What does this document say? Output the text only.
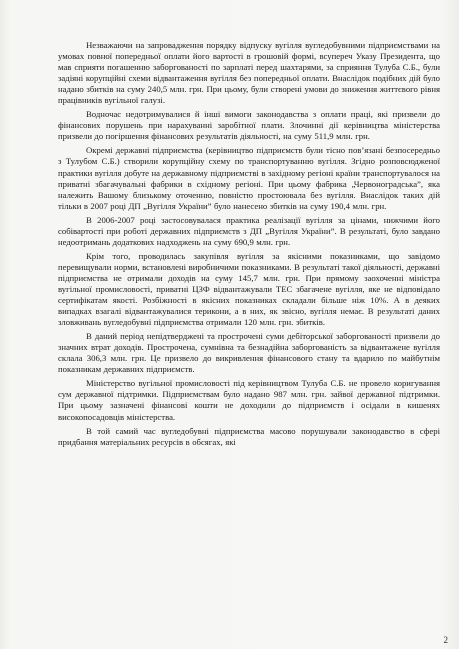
Незважаючи на запровадження порядку відпуску вугілля вугледобувними підприємствами на умовах повної попередньої оплати його вартості в грошовій формі, всупереч Указу Президента, що мав сприяти погашенню заборгованості по зарплаті перед шахтарями, за сприяння Тулуба С.Б., були задіяні корупційні схеми відвантаження вугілля без попередньої оплати. Внаслідок подібних дій було надано збитків на суму 240,5 млн. грн. При цьому, були створені умови до зниження життєвого рівня працівників вугільної галузі.

Водночас недотримувалися й інші вимоги законодавства з оплати праці, які призвели до фінансових порушень при нарахуванні заробітної плати. Злочинні дії керівництва міністерства призвели до погіршення фінансових результатів діяльності, на суму 511,9 млн. грн.

Окремі державні підприємства (керівництво підприємств були тісно пов’язані безпосередньо з Тулубом С.Б.) створили корупційну схему по транспортуванню вугілля. Згідно розповсюдженої практики вугілля добуте на державному підприємстві в західному регіоні країни транспортувалося на приватні збагачувальні фабрики в східному регіоні. При цьому фабрика „Червоноградська”, яка належить Вашому близькому оточенню, повністю простоювала без вугілля. Внаслідок таких дій тільки в 2007 році ДП „Вугілля України” було нанесено збитків на суму 190,4 млн. грн.

В 2006-2007 році застосовувалася практика реалізації вугілля за цінами, нижчими його собівартості при роботі державних підприємств з ДП „Вугілля України”. В результаті, було завдано недоотримань додаткових надходжень на суму 690,9 млн. грн.

Крім того, проводилась закупівля вугілля за якісними показниками, що завідомо перевищували норми, встановлені виробничими показниками. В результаті такої діяльності, державні підприємства не отримали доходів на суму 145,7 млн. грн. При прямому заохоченні міністра вугільної промисловості, приватні ЦЗФ відвантажували ТЕС збагачене вугілля, яке не відповідало сертифікатам якості. Розбіжності в якісних показниках складали більше ніж 10%. А в деяких випадках взагалі відвантажувалися терикони, а в них, як звісно, вугілля немає. В результаті даних зловживань вугледобувні підприємства отримали 120 млн. грн. збитків.

В даний період непідтверджені та прострочені суми дебіторської заборгованості призвели до значних втрат доходів. Прострочена, сумнівна та безнадійна заборгованість за відвантажене вугілля склала 306,3 млн. грн. Це призвело до викривлення фінансового стану та вдарило по майбутнім показникам державних підприємств.

Міністерство вугільної промисловості під керівництвом Тулуба С.Б. не провело коригування сум державної підтримки. Підприємствам було надано 987 млн. грн. зайвої державної підтримки. При цьому зазначені фінансові кошти не доходили до підприємств і осідали в кишенях високопосадовців міністерства.

В той самий час вугледобувні підприємства масово порушували законодавство в сфері придбання матеріальних ресурсів в обсягах, які

2
